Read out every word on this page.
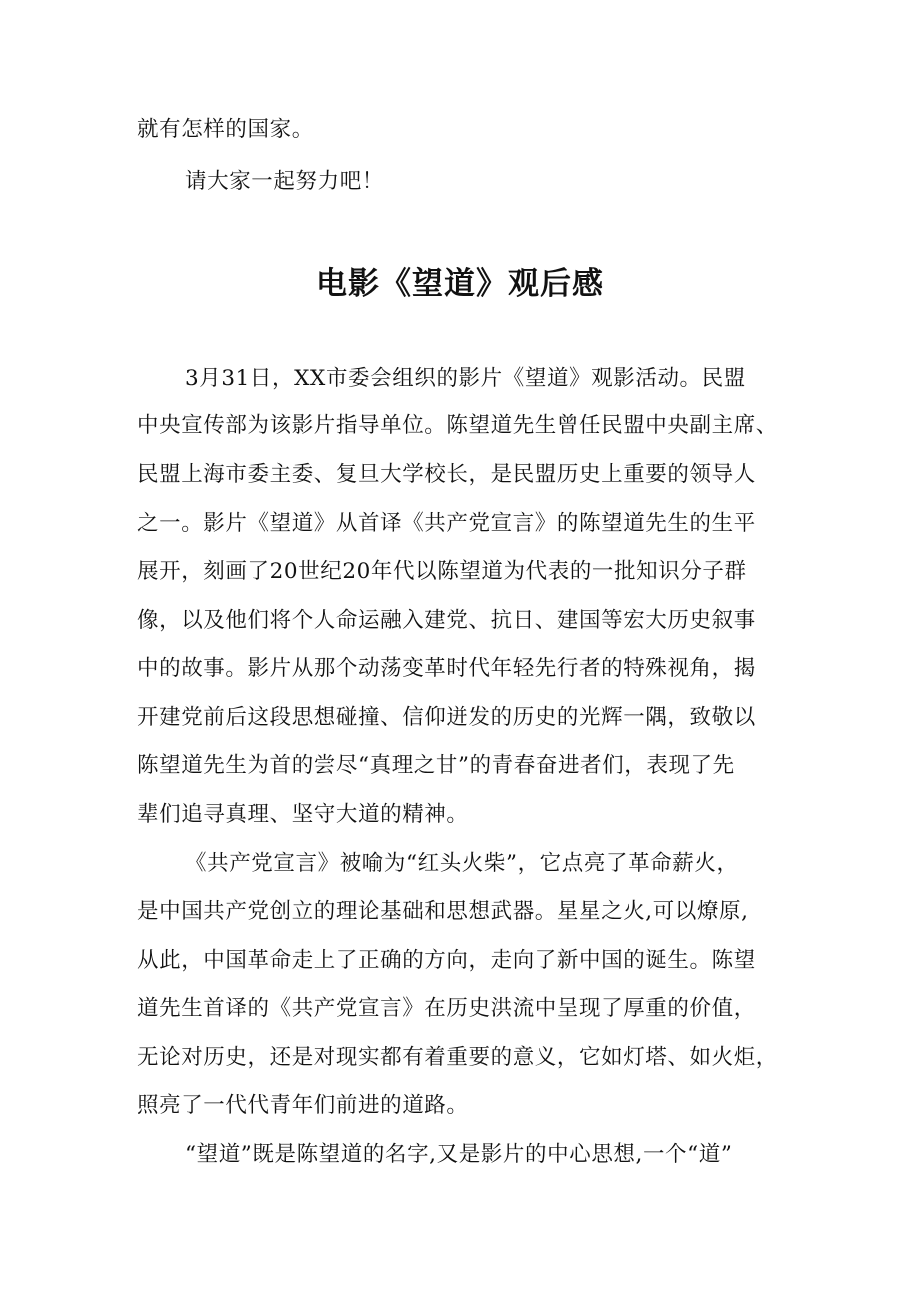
就有怎样的国家。
请大家一起努力吧！
电影《望道》观后感
3月31日，XX市委会组织的影片《望道》观影活动。民盟
中央宣传部为该影片指导单位。陈望道先生曾任民盟中央副主席、
民盟上海市委主委、复旦大学校长，是民盟历史上重要的领导人
之一。影片《望道》从首译《共产党宣言》的陈望道先生的生平
展开，刻画了20世纪20年代以陈望道为代表的一批知识分子群
像，以及他们将个人命运融入建党、抗日、建国等宏大历史叙事
中的故事。影片从那个动荡变革时代年轻先行者的特殊视角，揭
开建党前后这段思想碰撞、信仰迸发的历史的光辉一隅，致敬以
陈望道先生为首的尝尽“真理之甘”的青春奋进者们，表现了先
辈们追寻真理、坚守大道的精神。
《共产党宣言》被喻为“红头火柴”，它点亮了革命薪火，
是中国共产党创立的理论基础和思想武器。星星之火,可以燎原,
从此，中国革命走上了正确的方向，走向了新中国的诞生。陈望
道先生首译的《共产党宣言》在历史洪流中呈现了厚重的价值，
无论对历史，还是对现实都有着重要的意义，它如灯塔、如火炬，
照亮了一代代青年们前进的道路。
“望道”既是陈望道的名字,又是影片的中心思想,一个“道”
